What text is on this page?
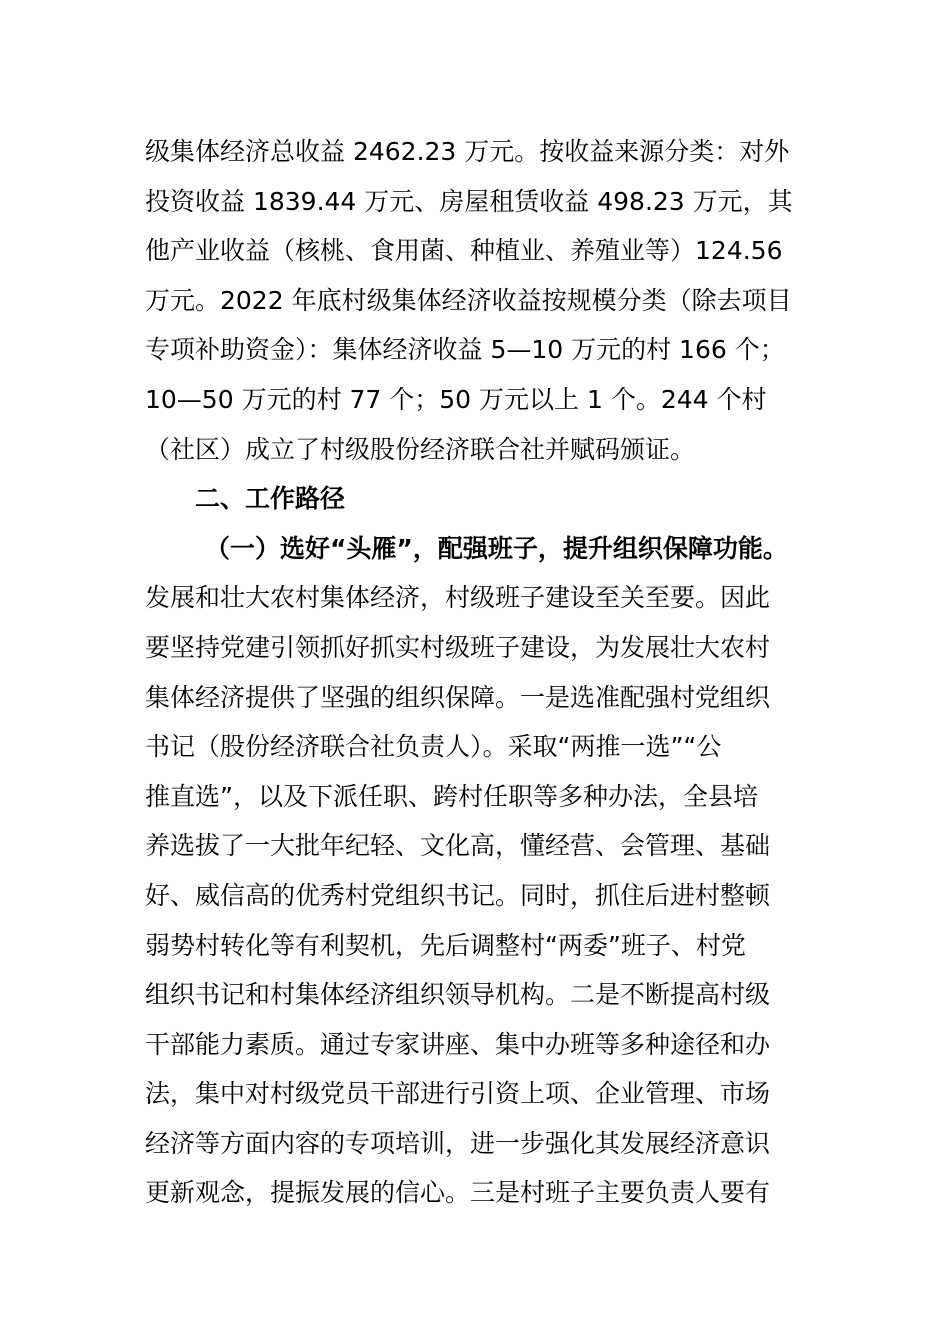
级集体经济总收益 2462.23 万元。按收益来源分类：对外
投资收益 1839.44 万元、房屋租赁收益 498.23 万元，其
他产业收益（核桃、食用菌、种植业、养殖业等）124.56
万元。2022 年底村级集体经济收益按规模分类（除去项目
专项补助资金）：集体经济收益 5—10 万元的村 166 个；
10—50 万元的村 77 个；50 万元以上 1 个。244 个村
（社区）成立了村级股份经济联合社并赋码颁证。
二、工作路径
（一）选好“头雁”，配强班子，提升组织保障功能。
发展和壮大农村集体经济，村级班子建设至关至要。因此
要坚持党建引领抓好抓实村级班子建设，为发展壮大农村
集体经济提供了坚强的组织保障。一是选准配强村党组织
书记（股份经济联合社负责人）。采取“两推一选”“公
推直选”，以及下派任职、跨村任职等多种办法，全县培
养选拔了一大批年纪轻、文化高，懂经营、会管理、基础
好、威信高的优秀村党组织书记。同时，抓住后进村整顿
弱势村转化等有利契机，先后调整村“两委”班子、村党
组织书记和村集体经济组织领导机构。二是不断提高村级
干部能力素质。通过专家讲座、集中办班等多种途径和办
法，集中对村级党员干部进行引资上项、企业管理、市场
经济等方面内容的专项培训，进一步强化其发展经济意识
更新观念，提振发展的信心。三是村班子主要负责人要有
